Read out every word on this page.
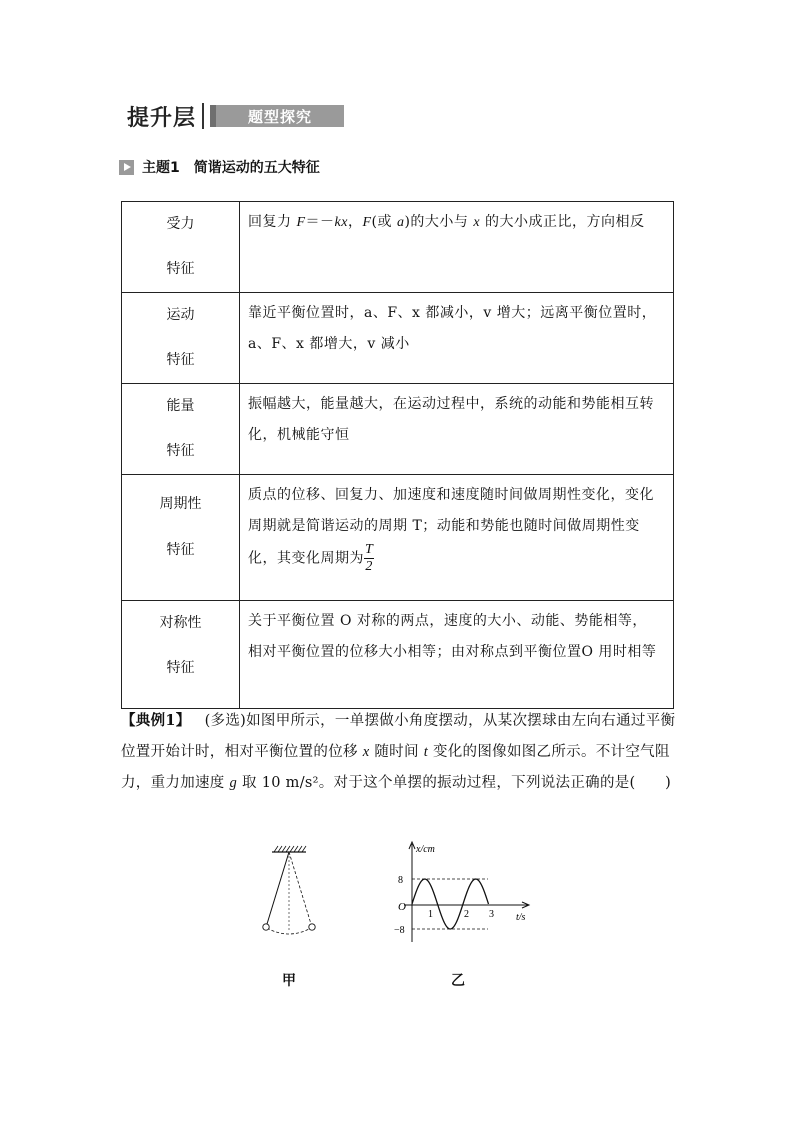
提升层	题型探究
主题1 简谐运动的五大特征
受力
特征	回复力 F＝－kx，F(或 a)的大小与 x 的大小成正比，方向相反

运动
特征	靠近平衡位置时，a、F、x 都减小，v 增大；远离平衡位置时，a、F、x 都增大，v 减小

能量
特征	振幅越大，能量越大，在运动过程中，系统的动能和势能相互转化，机械能守恒

周期性
特征	质点的位移、回复力、加速度和速度随时间做周期性变化，变化周期就是简谐运动的周期 T；动能和势能也随时间做周期性变化，其变化周期为 $\frac{T}{2}$

对称性
特征	关于平衡位置 O 对称的两点，速度的大小、动能、势能相等，相对平衡位置的位移大小相等；由对称点到平衡位置O 用时相等
【典例1】 (多选)如图甲所示，一单摆做小角度摆动，从某次摆球由左向右通过平衡位置开始计时，相对平衡位置的位移 x 随时间 t 变化的图像如图乙所示。不计空气阻力，重力加速度 g 取 10 m/s²。对于这个单摆的振动过程，下列说法正确的是(　　)
甲
x/cm
t/s
O
8
−8
1	2 3
乙
